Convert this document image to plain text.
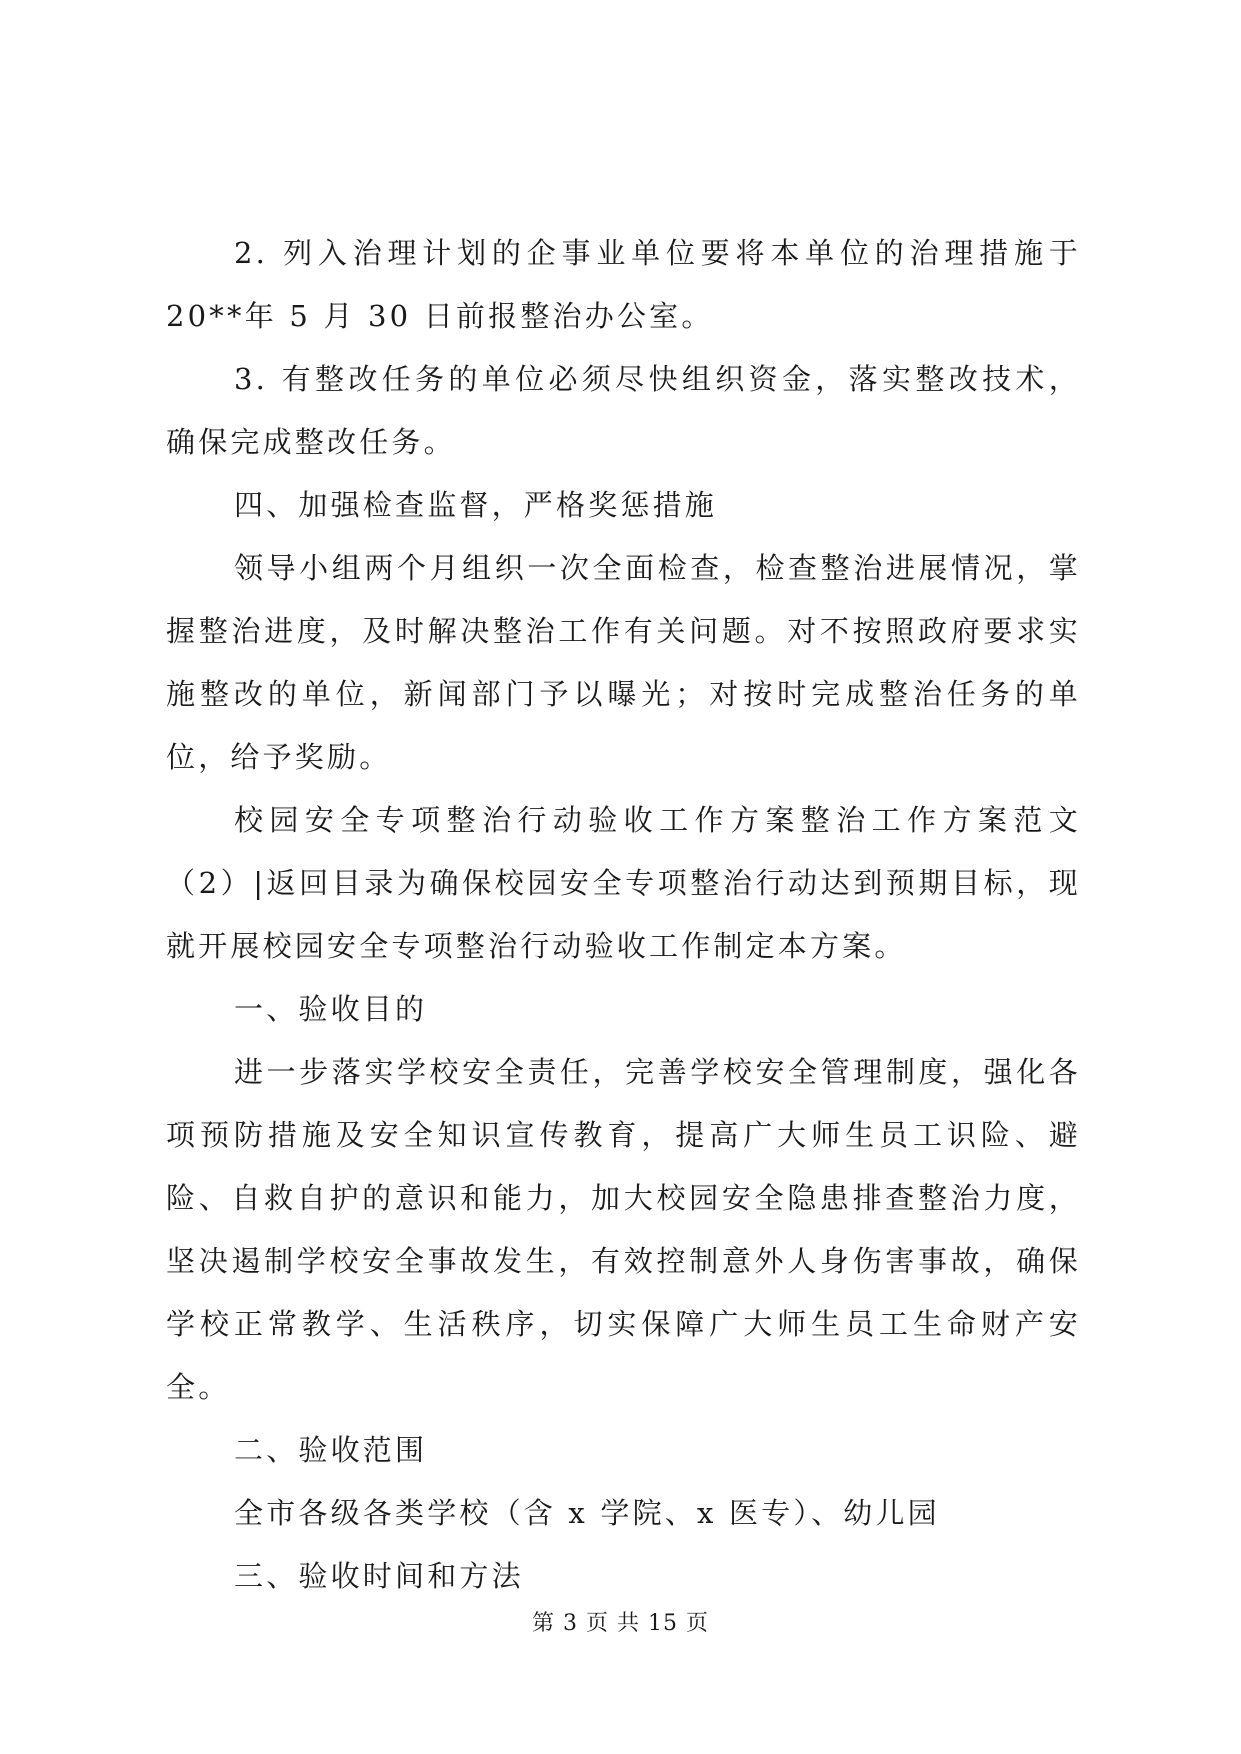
2. 列入治理计划的企事业单位要将本单位的治理措施于20**年 5 月 30 日前报整治办公室。

3. 有整改任务的单位必须尽快组织资金，落实整改技术，确保完成整改任务。

四、加强检查监督，严格奖惩措施

领导小组两个月组织一次全面检查，检查整治进展情况，掌握整治进度，及时解决整治工作有关问题。对不按照政府要求实施整改的单位，新闻部门予以曝光；对按时完成整治任务的单位，给予奖励。

校园安全专项整治行动验收工作方案整治工作方案范文（2）|返回目录为确保校园安全专项整治行动达到预期目标，现就开展校园安全专项整治行动验收工作制定本方案。

一、验收目的

进一步落实学校安全责任，完善学校安全管理制度，强化各项预防措施及安全知识宣传教育，提高广大师生员工识险、避险、自救自护的意识和能力，加大校园安全隐患排查整治力度，坚决遏制学校安全事故发生，有效控制意外人身伤害事故，确保学校正常教学、生活秩序，切实保障广大师生员工生命财产安全。

二、验收范围

全市各级各类学校（含 x 学院、x 医专）、幼儿园

三、验收时间和方法

第 3 页 共 15 页
